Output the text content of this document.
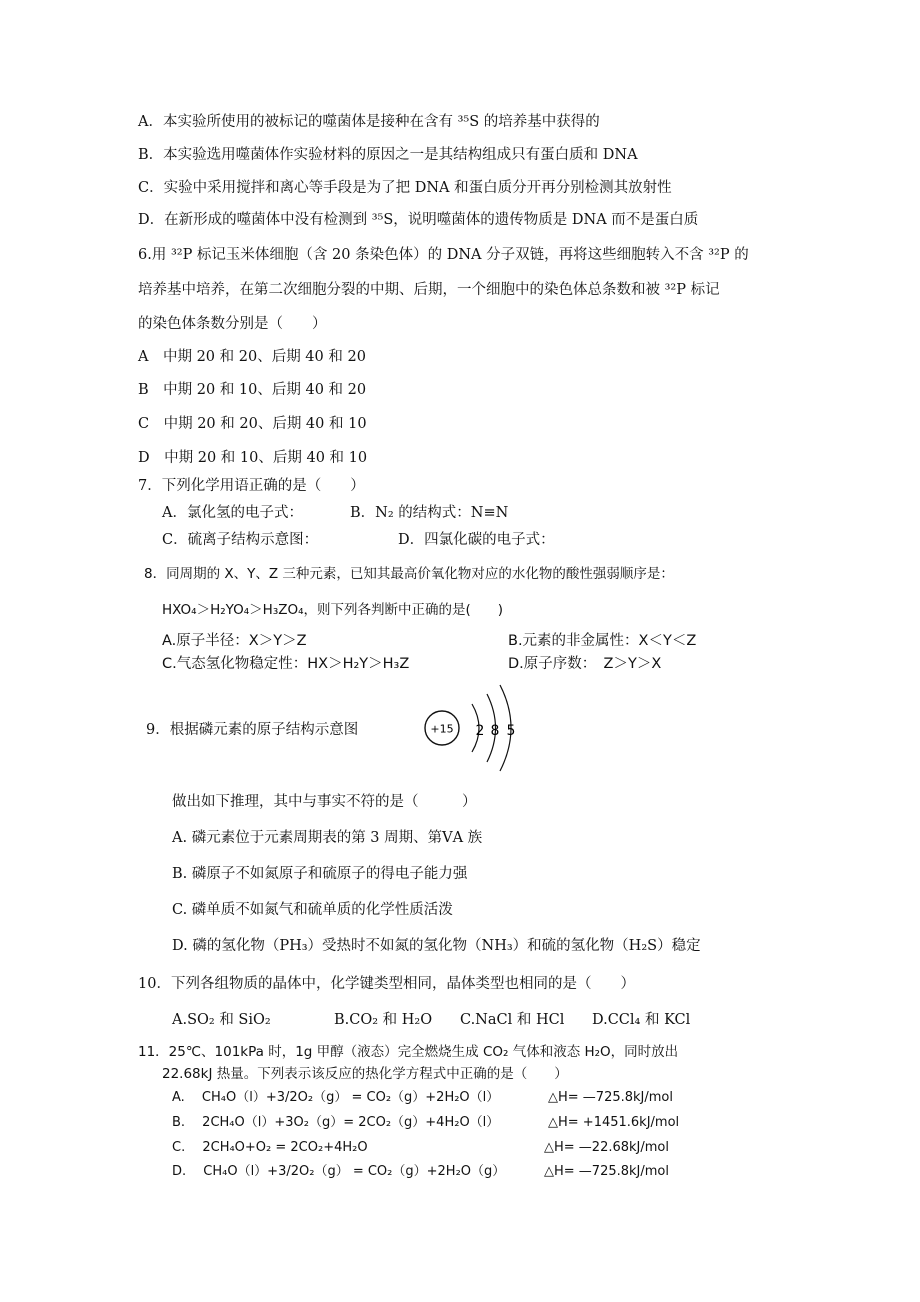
A．本实验所使用的被标记的噬菌体是接种在含有 ³⁵S 的培养基中获得的
B．本实验选用噬菌体作实验材料的原因之一是其结构组成只有蛋白质和 DNA
C．实验中采用搅拌和离心等手段是为了把 DNA 和蛋白质分开再分别检测其放射性
D．在新形成的噬菌体中没有检测到 ³⁵S，说明噬菌体的遗传物质是 DNA 而不是蛋白质
6.用 ³²P 标记玉米体细胞（含 20 条染色体）的 DNA 分子双链，再将这些细胞转入不含 ³²P 的
培养基中培养，在第二次细胞分裂的中期、后期，一个细胞中的染色体总条数和被 ³²P 标记
的染色体条数分别是（　　）
A　中期 20 和 20、后期 40 和 20
B　中期 20 和 10、后期 40 和 20
C　中期 20 和 20、后期 40 和 10
D　中期 20 和 10、后期 40 和 10
7．下列化学用语正确的是（　　）
A．氯化氢的电子式：	B．N₂ 的结构式：N≡N
C．硫离子结构示意图：	D．四氯化碳的电子式：
8．同周期的 X、Y、Z 三种元素，已知其最高价氧化物对应的水化物的酸性强弱顺序是：
HXO₄＞H₂YO₄＞H₃ZO₄，则下列各判断中正确的是(　　)
A.原子半径：X＞Y＞Z	B.元素的非金属性：X＜Y＜Z
C.气态氢化物稳定性：HX＞H₂Y＞H₃Z	D.原子序数：　Z＞Y＞X
9．根据磷元素的原子结构示意图	+15 2 8 5
做出如下推理，其中与事实不符的是（　　　）
A. 磷元素位于元素周期表的第 3 周期、第ⅤA 族
B. 磷原子不如氮原子和硫原子的得电子能力强
C. 磷单质不如氮气和硫单质的化学性质活泼
D. 磷的氢化物（PH₃）受热时不如氮的氢化物（NH₃）和硫的氢化物（H₂S）稳定
10．下列各组物质的晶体中，化学键类型相同，晶体类型也相同的是（　　）
A.SO₂ 和 SiO₂	B.CO₂ 和 H₂O C.NaCl 和 HCl D.CCl₄ 和 KCl
11．25℃、101kPa 时，1g 甲醇（液态）完全燃烧生成 CO₂ 气体和液态 H₂O，同时放出
22.68kJ 热量。下列表示该反应的热化学方程式中正确的是（　　）
A.　 CH₄O（l）+3/2O₂（g） = CO₂（g）+2H₂O（l）	△H= —725.8kJ/mol
B.　 2CH₄O（l）+3O₂（g）= 2CO₂（g）+4H₂O（l）	△H= +1451.6kJ/mol
C.　 2CH₄O+O₂ = 2CO₂+4H₂O	△H= —22.68kJ/mol
D.　 CH₄O（l）+3/2O₂（g） = CO₂（g）+2H₂O（g）	△H= —725.8kJ/mol
